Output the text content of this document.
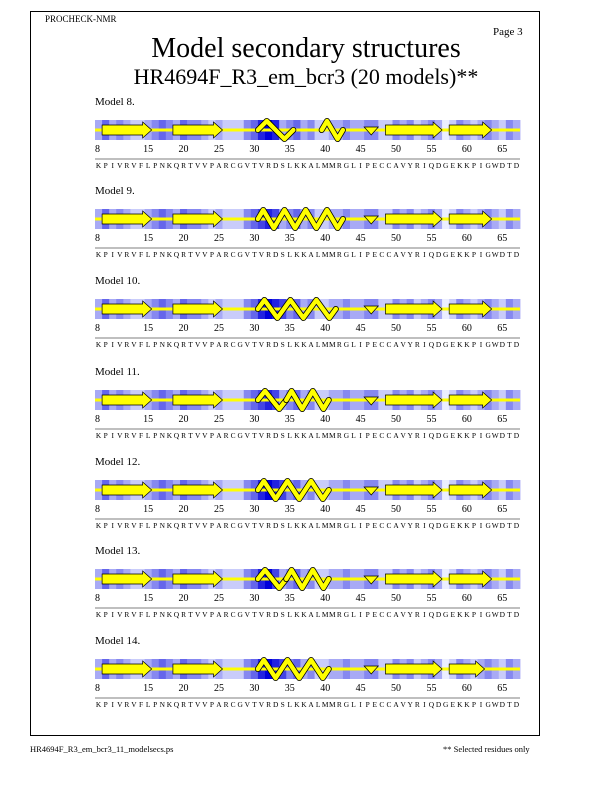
PROCHECK-NMR
Page 3
Model secondary structures
HR4694F_R3_em_bcr3 (20 models)**
Model 8.
8	15	20	25	30	35	40	45	50	55	60	65
K P I V R V F L P N K Q R T V V P A R C G V T V R D S L K K A L M M R G L I P E C C A V Y R I Q D G E K K P I G W D T D
Model 9.
8	15	20	25	30	35	40	45	50	55	60	65
K P I V R V F L P N K Q R T V V P A R C G V T V R D S L K K A L M M R G L I P E C C A V Y R I Q D G E K K P I G W D T D
Model 10.
8	15	20	25	30	35	40	45	50	55	60	65
K P I V R V F L P N K Q R T V V P A R C G V T V R D S L K K A L M M R G L I P E C C A V Y R I Q D G E K K P I G W D T D
Model 11.
8	15	20	25	30	35	40	45	50	55	60	65
K P I V R V F L P N K Q R T V V P A R C G V T V R D S L K K A L M M R G L I P E C C A V Y R I Q D G E K K P I G W D T D
Model 12.
8	15	20	25	30	35	40	45	50	55	60	65
K P I V R V F L P N K Q R T V V P A R C G V T V R D S L K K A L M M R G L I P E C C A V Y R I Q D G E K K P I G W D T D
Model 13.
8	15	20	25	30	35	40	45	50	55	60	65
K P I V R V F L P N K Q R T V V P A R C G V T V R D S L K K A L M M R G L I P E C C A V Y R I Q D G E K K P I G W D T D
Model 14.
8	15	20	25	30	35	40	45	50	55	60	65
K P I V R V F L P N K Q R T V V P A R C G V T V R D S L K K A L M M R G L I P E C C A V Y R I Q D G E K K P I G W D T D
HR4694F_R3_em_bcr3_11_modelsecs.ps	** Selected residues only
